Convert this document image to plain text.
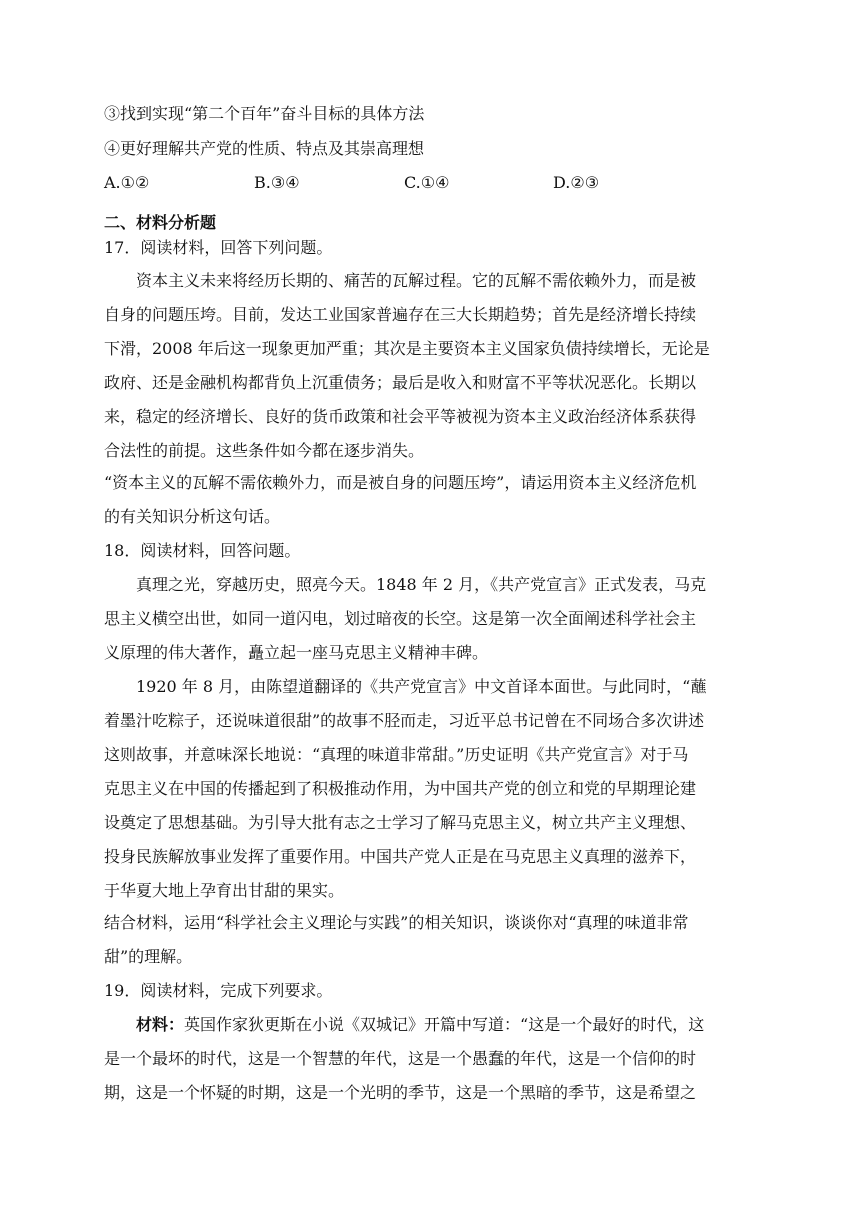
③找到实现“第二个百年”奋斗目标的具体方法
④更好理解共产党的性质、特点及其崇高理想
A.①②	B.③④	C.①④	D.②③
二、材料分析题
17．阅读材料，回答下列问题。
资本主义未来将经历长期的、痛苦的瓦解过程。它的瓦解不需依赖外力，而是被
自身的问题压垮。目前，发达工业国家普遍存在三大长期趋势；首先是经济增长持续
下滑，2008 年后这一现象更加严重；其次是主要资本主义国家负债持续增长，无论是
政府、还是金融机构都背负上沉重债务；最后是收入和财富不平等状况恶化。长期以
来，稳定的经济增长、良好的货币政策和社会平等被视为资本主义政治经济体系获得
合法性的前提。这些条件如今都在逐步消失。
“资本主义的瓦解不需依赖外力，而是被自身的问题压垮”，请运用资本主义经济危机
的有关知识分析这句话。
18．阅读材料，回答问题。
真理之光，穿越历史，照亮今天。1848 年 2 月，《共产党宣言》正式发表，马克
思主义横空出世，如同一道闪电，划过暗夜的长空。这是第一次全面阐述科学社会主
义原理的伟大著作，矗立起一座马克思主义精神丰碑。
1920 年 8 月，由陈望道翻译的《共产党宣言》中文首译本面世。与此同时，“蘸
着墨汁吃粽子，还说味道很甜”的故事不胫而走，习近平总书记曾在不同场合多次讲述
这则故事，并意味深长地说：“真理的味道非常甜。”历史证明《共产党宣言》对于马
克思主义在中国的传播起到了积极推动作用，为中国共产党的创立和党的早期理论建
设奠定了思想基础。为引导大批有志之士学习了解马克思主义，树立共产主义理想、
投身民族解放事业发挥了重要作用。中国共产党人正是在马克思主义真理的滋养下，
于华夏大地上孕育出甘甜的果实。
结合材料，运用“科学社会主义理论与实践”的相关知识，谈谈你对“真理的味道非常
甜”的理解。
19．阅读材料，完成下列要求。
材料：英国作家狄更斯在小说《双城记》开篇中写道：“这是一个最好的时代，这
是一个最坏的时代，这是一个智慧的年代，这是一个愚蠢的年代，这是一个信仰的时
期，这是一个怀疑的时期，这是一个光明的季节，这是一个黑暗的季节，这是希望之
